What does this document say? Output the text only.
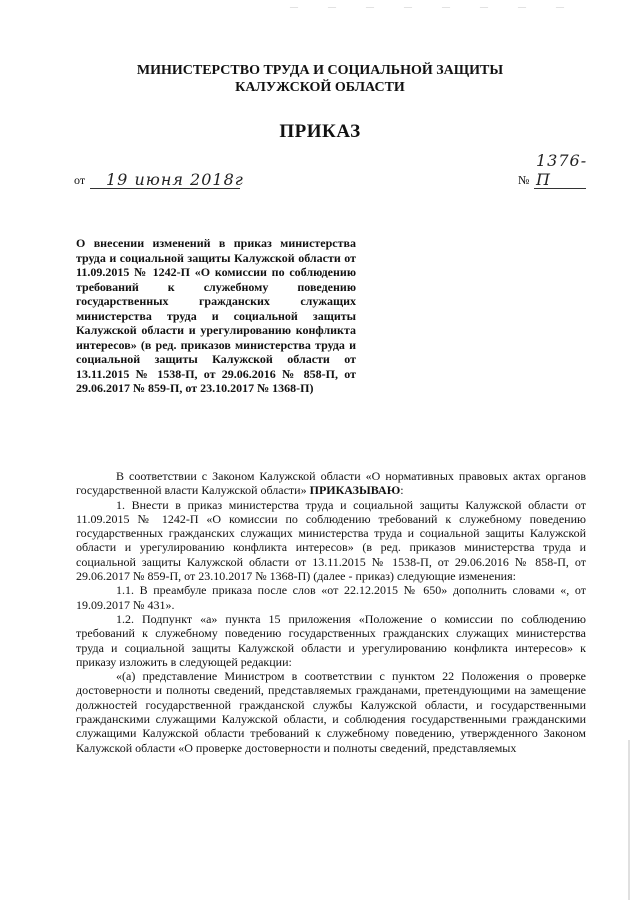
— — — — — — — —
МИНИСТЕРСТВО ТРУДА И СОЦИАЛЬНОЙ ЗАЩИТЫ
КАЛУЖСКОЙ ОБЛАСТИ
ПРИКАЗ
от 19 июня 2018г	№
1376-П
О внесении изменений в приказ министерства труда и социальной защиты Калужской области от 11.09.2015 № 1242-П «О комиссии по соблюдению требований к служебному поведению государственных гражданских служащих министерства труда и социальной защиты Калужской области и урегулированию конфликта интересов» (в ред. приказов министерства труда и социальной защиты Калужской области от 13.11.2015 № 1538-П, от 29.06.2016 № 858-П, от 29.06.2017 № 859-П, от 23.10.2017 № 1368-П)

В соответствии с Законом Калужской области «О нормативных правовых актах органов государственной власти Калужской области» ПРИКАЗЫВАЮ:

1. Внести в приказ министерства труда и социальной защиты Калужской области от 11.09.2015 № 1242-П «О комиссии по соблюдению требований к служебному поведению государственных гражданских служащих министерства труда и социальной защиты Калужской области и урегулированию конфликта интересов» (в ред. приказов министерства труда и социальной защиты Калужской области от 13.11.2015 № 1538-П, от 29.06.2016 № 858-П, от 29.06.2017 № 859-П, от 23.10.2017 № 1368-П) (далее - приказ) следующие изменения:

1.1. В преамбуле приказа после слов «от 22.12.2015 № 650» дополнить словами «, от 19.09.2017 № 431».

1.2. Подпункт «а» пункта 15 приложения «Положение о комиссии по соблюдению требований к служебному поведению государственных гражданских служащих министерства труда и социальной защиты Калужской области и урегулированию конфликта интересов» к приказу изложить в следующей редакции:

«(а) представление Министром в соответствии с пунктом 22 Положения о проверке достоверности и полноты сведений, представляемых гражданами, претендующими на замещение должностей государственной гражданской службы Калужской области, и государственными гражданскими служащими Калужской области, и соблюдения государственными гражданскими служащими Калужской области требований к служебному поведению, утвержденного Законом Калужской области «О проверке достоверности и полноты сведений, представляемых
